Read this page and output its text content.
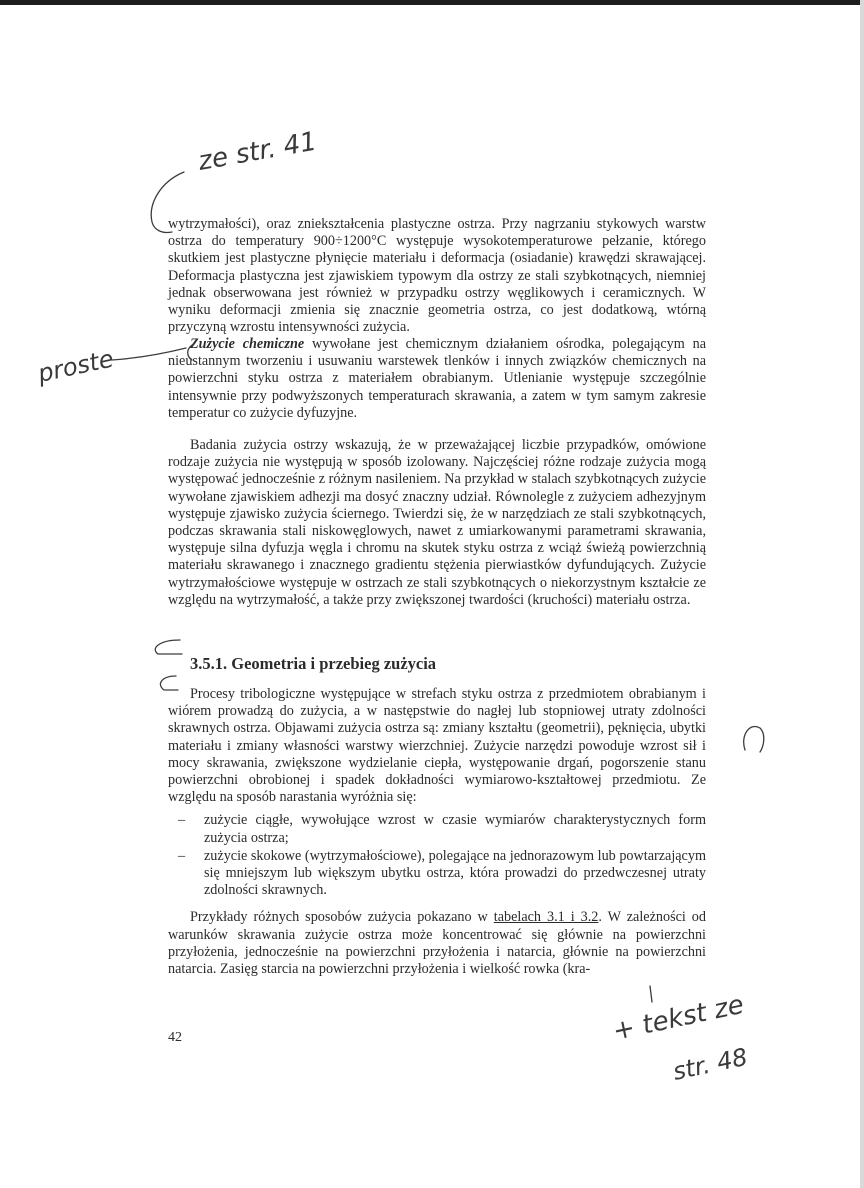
wytrzymałości), oraz zniekształcenia plastyczne ostrza. Przy nagrzaniu stykowych warstw ostrza do temperatury 900÷1200°C występuje wysokotemperaturowe pełzanie, którego skutkiem jest plastyczne płynięcie materiału i deformacja (osiadanie) krawędzi skrawającej. Deformacja plastyczna jest zjawiskiem typowym dla ostrzy ze stali szybkotnących, niemniej jednak obserwowana jest również w przypadku ostrzy węglikowych i ceramicznych. W wyniku deformacji zmienia się znacznie geometria ostrza, co jest dodatkową, wtórną przyczyną wzrostu intensywności zużycia.

Zużycie chemiczne wywołane jest chemicznym działaniem ośrodka, polegającym na nieustannym tworzeniu i usuwaniu warstewek tlenków i innych związków chemicznych na powierzchni styku ostrza z materiałem obrabianym. Utlenianie występuje szczególnie intensywnie przy podwyższonych temperaturach skrawania, a zatem w tym samym zakresie temperatur co zużycie dyfuzyjne.

Badania zużycia ostrzy wskazują, że w przeważającej liczbie przypadków, omówione rodzaje zużycia nie występują w sposób izolowany. Najczęściej różne rodzaje zużycia mogą występować jednocześnie z różnym nasileniem. Na przykład w stalach szybkotnących zużycie wywołane zjawiskiem adhezji ma dosyć znaczny udział. Równolegle z zużyciem adhezyjnym występuje zjawisko zużycia ściernego. Twierdzi się, że w narzędziach ze stali szybkotnących, podczas skrawania stali niskowęglowych, nawet z umiarkowanymi parametrami skrawania, występuje silna dyfuzja węgla i chromu na skutek styku ostrza z wciąż świeżą powierzchnią materiału skrawanego i znacznego gradientu stężenia pierwiastków dyfundujących. Zużycie wytrzymałościowe występuje w ostrzach ze stali szybkotnących o niekorzystnym kształcie ze względu na wytrzymałość, a także przy zwiększonej twardości (kruchości) materiału ostrza.

3.5.1. Geometria i przebieg zużycia

Procesy tribologiczne występujące w strefach styku ostrza z przedmiotem obrabianym i wiórem prowadzą do zużycia, a w następstwie do nagłej lub stopniowej utraty zdolności skrawnych ostrza. Objawami zużycia ostrza są: zmiany kształtu (geometrii), pęknięcia, ubytki materiału i zmiany własności warstwy wierzchniej. Zużycie narzędzi powoduje wzrost sił i mocy skrawania, zwiększone wydzielanie ciepła, występowanie drgań, pogorszenie stanu powierzchni obrobionej i spadek dokładności wymiarowo-kształtowej przedmiotu. Ze względu na sposób narastania wyróżnia się:

– zużycie ciągłe, wywołujące wzrost w czasie wymiarów charakterystycznych form zużycia ostrza;
– zużycie skokowe (wytrzymałościowe), polegające na jednorazowym lub powtarzającym się mniejszym lub większym ubytku ostrza, która prowadzi do przedwczesnej utraty zdolności skrawnych.

Przykłady różnych sposobów zużycia pokazano w tabelach 3.1 i 3.2. W zależności od warunków skrawania zużycie ostrza może koncentrować się głównie na powierzchni przyłożenia, jednocześnie na powierzchni przyłożenia i natarcia, głównie na powierzchni natarcia. Zasięg starcia na powierzchni przyłożenia i wielkość rowka (kra-

42
ze str. 41
proste
+ tekst ze
str. 48
